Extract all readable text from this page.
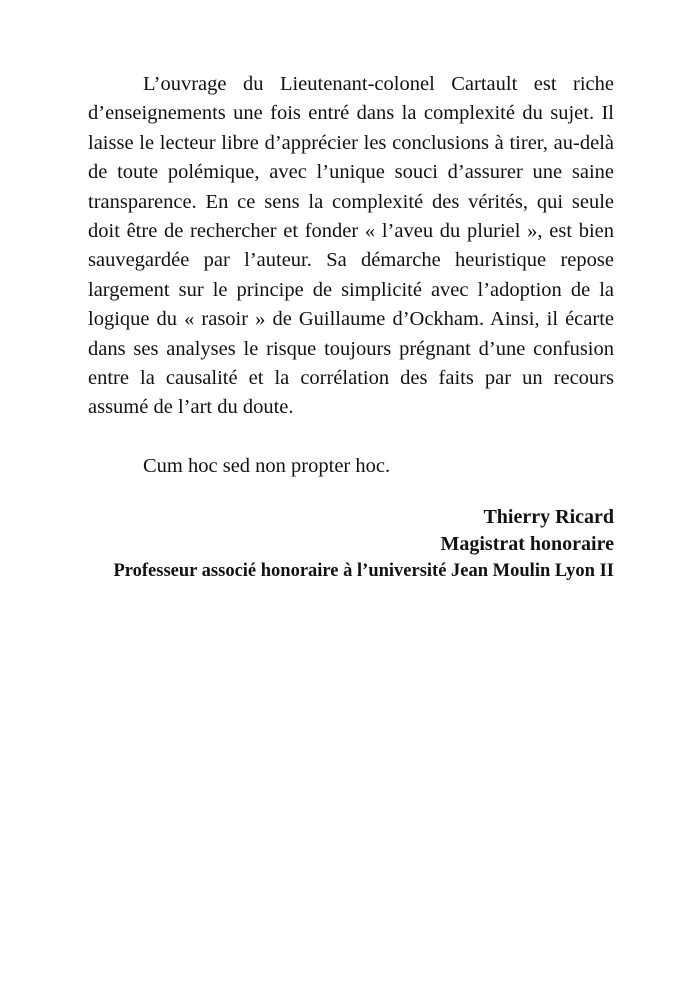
L’ouvrage du Lieutenant-colonel Cartault est riche d’enseignements une fois entré dans la complexité du sujet. Il laisse le lecteur libre d’apprécier les conclusions à tirer, au-delà de toute polémique, avec l’unique souci d’assurer une saine transparence. En ce sens la complexité des vérités, qui seule doit être de rechercher et fonder « l’aveu du pluriel », est bien sauvegardée par l’auteur. Sa démarche heuristique repose largement sur le principe de simplicité avec l’adoption de la logique du « rasoir » de Guillaume d’Ockham. Ainsi, il écarte dans ses analyses le risque toujours prégnant d’une confusion entre la causalité et la corrélation des faits par un recours assumé de l’art du doute.

Cum hoc sed non propter hoc.

Thierry Ricard
Magistrat honoraire
Professeur associé honoraire à l’université Jean Moulin Lyon II
